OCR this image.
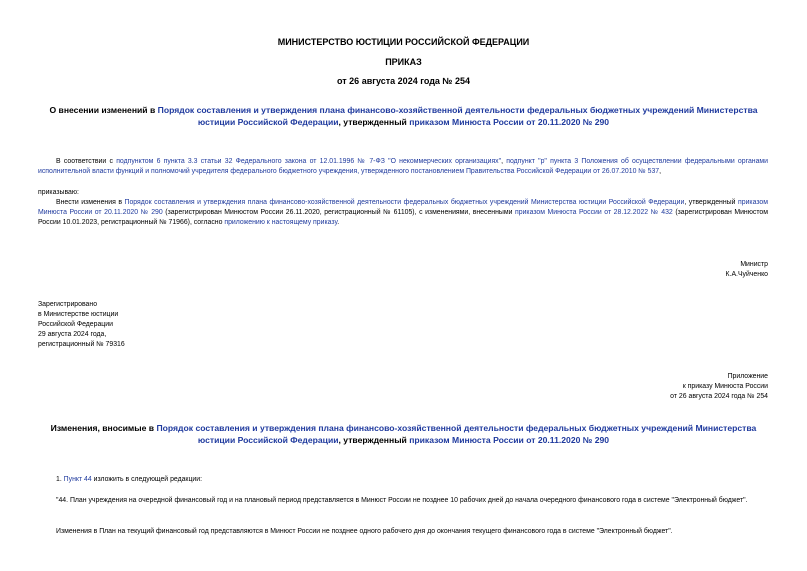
МИНИСТЕРСТВО ЮСТИЦИИ РОССИЙСКОЙ ФЕДЕРАЦИИ
ПРИКАЗ
от 26 августа 2024 года № 254
О внесении изменений в Порядок составления и утверждения плана финансово-хозяйственной деятельности федеральных бюджетных учреждений Министерства юстиции Российской Федерации, утвержденный приказом Минюста России от 20.11.2020 № 290
В соответствии с подпунктом 6 пункта 3.3 статьи 32 Федерального закона от 12.01.1996 № 7-ФЗ "О некоммерческих организациях", подпункт "р" пункта 3 Положения об осуществлении федеральными органами исполнительной власти функций и полномочий учредителя федерального бюджетного учреждения, утвержденного постановлением Правительства Российской Федерации от 26.07.2010 № 537,
приказываю:
Внести изменения в Порядок составления и утверждения плана финансово-хозяйственной деятельности федеральных бюджетных учреждений Министерства юстиции Российской Федерации, утвержденный приказом Минюста России от 20.11.2020 № 290 (зарегистрирован Минюстом России 26.11.2020, регистрационный № 61105), с изменениями, внесенными приказом Минюста России от 28.12.2022 № 432 (зарегистрирован Минюстом России 10.01.2023, регистрационный № 71966), согласно приложению к настоящему приказу.
Министр
К.А.Чуйченко
Зарегистрировано
в Министерстве юстиции
Российской Федерации
29 августа 2024 года,
регистрационный № 79316
Приложение
к приказу Минюста России
от 26 августа 2024 года № 254
Изменения, вносимые в Порядок составления и утверждения плана финансово-хозяйственной деятельности федеральных бюджетных учреждений Министерства юстиции Российской Федерации, утвержденный приказом Минюста России от 20.11.2020 № 290
1. Пункт 44 изложить в следующей редакции:
"44. План учреждения на очередной финансовый год и на плановый период представляется в Минюст России не позднее 10 рабочих дней до начала очередного финансового года в системе "Электронный бюджет".
Изменения в План на текущий финансовый год представляются в Минюст России не позднее одного рабочего дня до окончания текущего финансового года в системе "Электронный бюджет".
